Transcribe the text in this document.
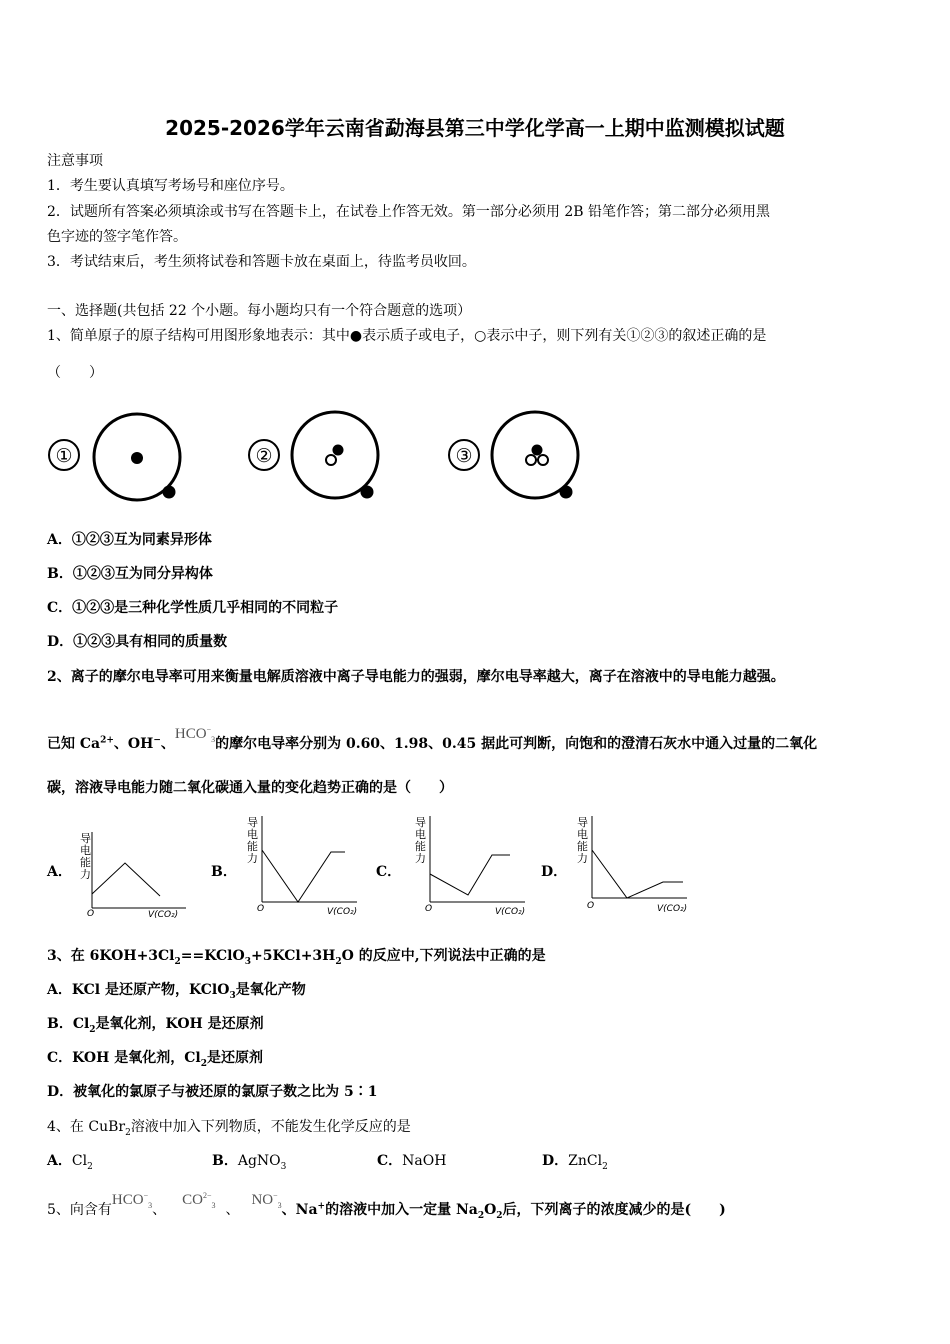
2025-2026学年云南省勐海县第三中学化学高一上期中监测模拟试题
注意事项
1．考生要认真填写考场号和座位序号。
2．试题所有答案必须填涂或书写在答题卡上，在试卷上作答无效。第一部分必须用 2B 铅笔作答；第二部分必须用黑
色字迹的签字笔作答。
3．考试结束后，考生须将试卷和答题卡放在桌面上，待监考员收回。
一、选择题(共包括 22 个小题。每小题均只有一个符合题意的选项）
1、简单原子的原子结构可用图形象地表示：其中●表示质子或电子，○表示中子，则下列有关①②③的叙述正确的是
（　　）
①	②	③
A．①②③互为同素异形体
B．①②③互为同分异构体
C．①②③是三种化学性质几乎相同的不同粒子
D．①②③具有相同的质量数
2、离子的摩尔电导率可用来衡量电解质溶液中离子导电能力的强弱，摩尔电导率越大，离子在溶液中的导电能力越强。
已知 $Ca^{2+}$、OH−、$HCO^-_3$的摩尔电导率分别为 0.60、1.98、0.45 据此可判断，向饱和的澄清石灰水中通入过量的二氧化
碳，溶液导电能力随二氧化碳通入量的变化趋势正确的是（　　）
A．	B．	C．	D．
导
电
能
力
O	V(CO₂)
导
电
能
力
O	V(CO₂)
导
电
能
力
O	V(CO₂)
导
电
能
力
O	V(CO₂)
3、在 $6KOH+3Cl_2==KClO_3+5KCl+3H_2O$ 的反应中,下列说法中正确的是
A．KCl 是还原产物，KClO$_3$是氧化产物
B．$Cl_2$是氧化剂，KOH 是还原剂
C．KOH 是氧化剂，$Cl_2$是还原剂
D．被氧化的氯原子与被还原的氯原子数之比为 5∶1
4、在 CuBr$_2$溶液中加入下列物质，不能发生化学反应的是
A．$Cl_2$	B．AgNO$_3$	C．NaOH	D．ZnCl$_2$
5、向含有$HCO^-_3$、$CO^{2-}_3$ 、$NO^-_3$、Na+的溶液中加入一定量 $Na_2O_2$后，下列离子的浓度减少的是(　　)
